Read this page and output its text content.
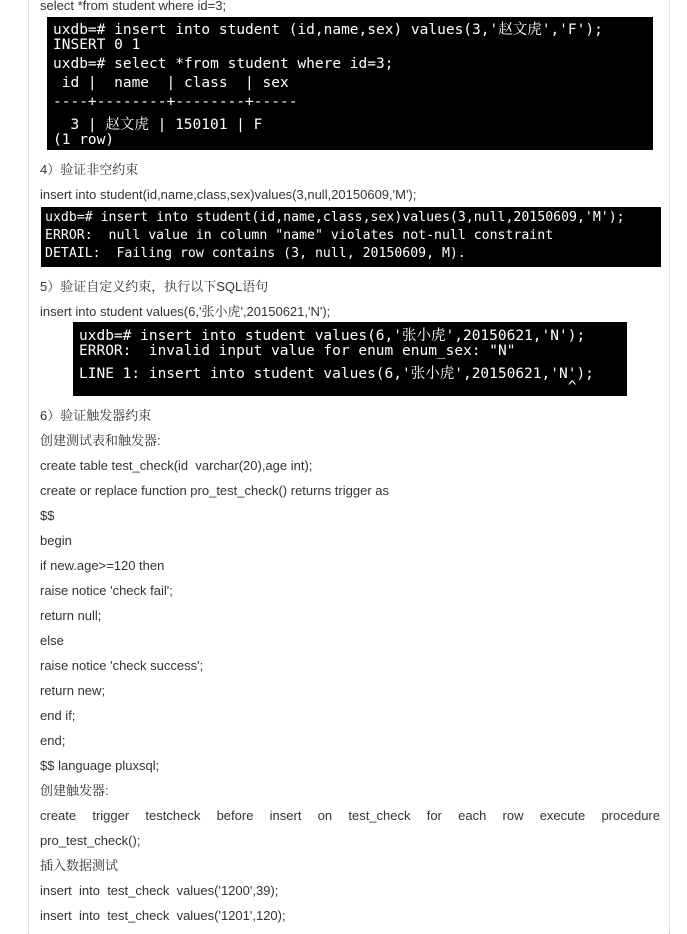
select *from student where id=3;
uxdb=# insert into student (id,name,sex) values(3,'赵文虎','F');
INSERT 0 1
uxdb=# select *from student where id=3;
id |  name  | class  | sex
----+--------+--------+-----
3 | 赵文虎 | 150101 | F
(1 row)
4）验证非空约束
insert into student(id,name,class,sex)values(3,null,20150609,'M');
uxdb=# insert into student(id,name,class,sex)values(3,null,20150609,'M');
ERROR:  null value in column "name" violates not-null constraint
DETAIL:  Failing row contains (3, null, 20150609, M).
5）验证自定义约束，执行以下SQL语句
insert into student values(6,'张小虎',20150621,'N');
uxdb=# insert into student values(6,'张小虎',20150621,'N');
ERROR:  invalid input value for enum enum_sex: "N"
LINE 1: insert into student values(6,'张小虎',20150621,'N');
^
6）验证触发器约束
创建测试表和触发器:
create table test_check(id  varchar(20),age int);
create or replace function pro_test_check() returns trigger as
$$
begin
if new.age>=120 then
raise notice 'check fail';
return null;
else
raise notice 'check success';
return new;
end if;
end;
$$ language pluxsql;
创建触发器:
create trigger testcheck before insert on test_check for each row execute procedure
pro_test_check();
插入数据测试
insert  into  test_check  values('1200',39);
insert  into  test_check  values('1201',120);
